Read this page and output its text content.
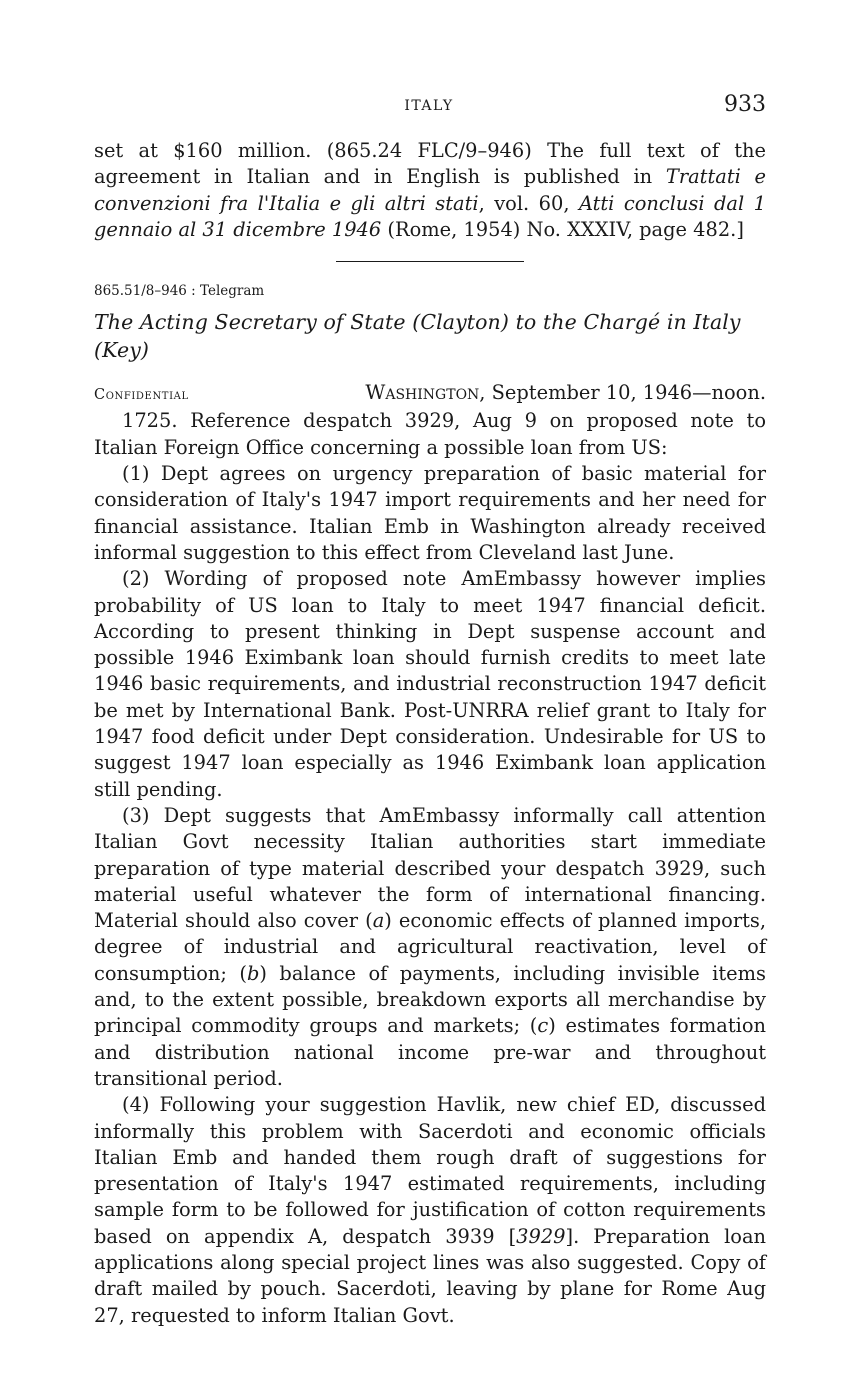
ITALY	933

set at $160 million. (865.24 FLC/9–946) The full text of the agreement in Italian and in English is published in Trattati e convenzioni fra l'Italia e gli altri stati, vol. 60, Atti conclusi dal 1 gennaio al 31 dicembre 1946 (Rome, 1954) No. XXXIV, page 482.]

865.51/8–946 : Telegram
The Acting Secretary of State (Clayton) to the Chargé in Italy (Key)
Confidential	Washington, September 10, 1946—noon.

1725. Reference despatch 3929, Aug 9 on proposed note to Italian Foreign Office concerning a possible loan from US:

(1) Dept agrees on urgency preparation of basic material for consideration of Italy's 1947 import requirements and her need for financial assistance. Italian Emb in Washington already received informal suggestion to this effect from Cleveland last June.

(2) Wording of proposed note AmEmbassy however implies probability of US loan to Italy to meet 1947 financial deficit. According to present thinking in Dept suspense account and possible 1946 Eximbank loan should furnish credits to meet late 1946 basic requirements, and industrial reconstruction 1947 deficit be met by International Bank. Post-UNRRA relief grant to Italy for 1947 food deficit under Dept consideration. Undesirable for US to suggest 1947 loan especially as 1946 Eximbank loan application still pending.

(3) Dept suggests that AmEmbassy informally call attention Italian Govt necessity Italian authorities start immediate preparation of type material described your despatch 3929, such material useful whatever the form of international financing. Material should also cover (a) economic effects of planned imports, degree of industrial and agricultural reactivation, level of consumption; (b) balance of payments, including invisible items and, to the extent possible, breakdown exports all merchandise by principal commodity groups and markets; (c) estimates formation and distribution national income pre-war and throughout transitional period.

(4) Following your suggestion Havlik, new chief ED, discussed informally this problem with Sacerdoti and economic officials Italian Emb and handed them rough draft of suggestions for presentation of Italy's 1947 estimated requirements, including sample form to be followed for justification of cotton requirements based on appendix A, despatch 3939 [3929]. Preparation loan applications along special project lines was also suggested. Copy of draft mailed by pouch. Sacerdoti, leaving by plane for Rome Aug 27, requested to inform Italian Govt.
